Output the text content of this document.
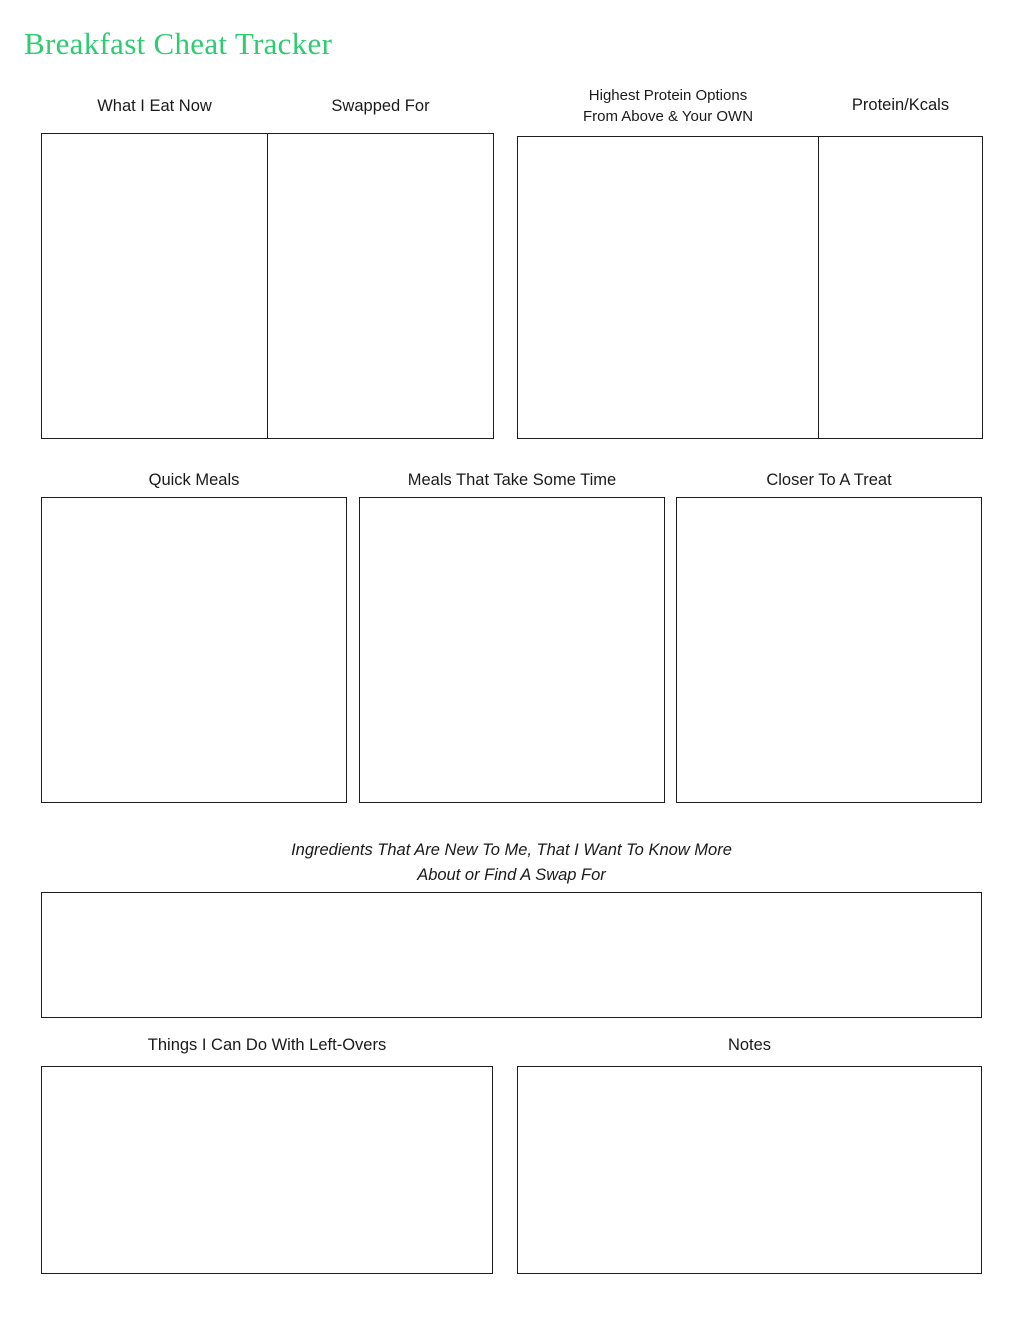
Breakfast Cheat Tracker
What I Eat Now	Swapped For
Highest Protein Options
From Above & Your OWN
Protein/Kcals
Quick Meals	Meals That Take Some Time	Closer To A Treat
Ingredients That Are New To Me, That I Want To Know More
About or Find A Swap For
Things I Can Do With Left-Overs	Notes
